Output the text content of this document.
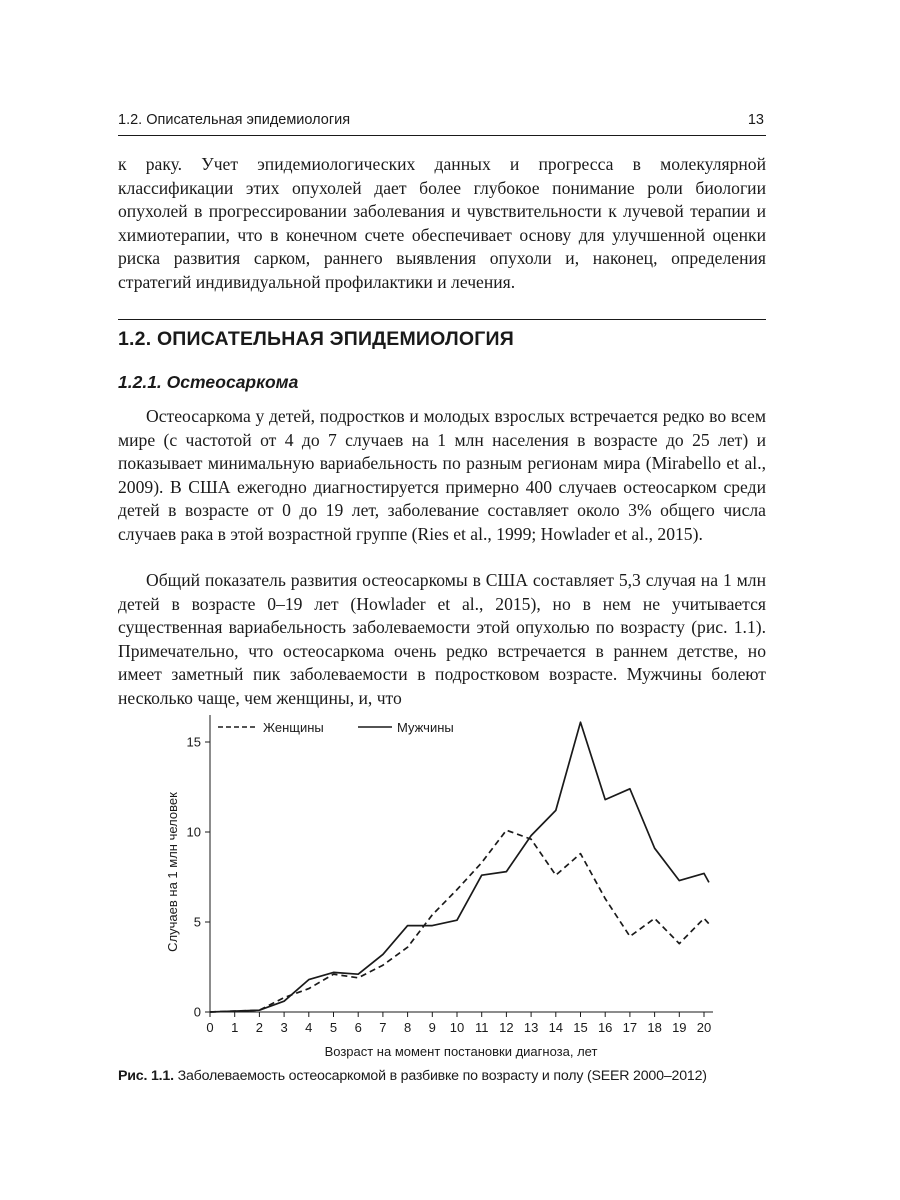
1.2. Описательная эпидемиология	13

к раку. Учет эпидемиологических данных и прогресса в молекулярной классификации этих опухолей дает более глубокое понимание роли биологии опухолей в прогрессировании заболевания и чувствительности к лучевой терапии и химиотерапии, что в конечном счете обеспечивает основу для улучшенной оценки риска развития сарком, раннего выявления опухоли и, наконец, определения стратегий индивидуальной профилактики и лечения.

1.2. ОПИСАТЕЛЬНАЯ ЭПИДЕМИОЛОГИЯ
1.2.1. Остеосаркома

Остеосаркома у детей, подростков и молодых взрослых встречается редко во всем мире (с частотой от 4 до 7 случаев на 1 млн населения в возрасте до 25 лет) и показывает минимальную вариабельность по разным регионам мира (Mirabello et al., 2009). В США ежегодно диагностируется примерно 400 случаев остеосарком среди детей в возрасте от 0 до 19 лет, заболевание составляет около 3% общего числа случаев рака в этой возрастной группе (Ries et al., 1999; Howlader et al., 2015).

Общий показатель развития остеосаркомы в США составляет 5,3 случая на 1 млн детей в возрасте 0–19 лет (Howlader et al., 2015), но в нем не учитывается существенная вариабельность заболеваемости этой опухолью по возрасту (рис. 1.1). Примечательно, что остеосаркома очень редко встречается в раннем детстве, но имеет заметный пик заболеваемости в подростковом возрасте. Мужчины болеют несколько чаще, чем женщины, и, что

0 1 2 3 4 5 6 7 8 9 10 11 12 13 14 15 16 17 18 19 20
0
5
10
15
Женщины	Мужчины
Возраст на момент постановки диагноза, лет
Случаев на 1 млн человек
Рис. 1.1. Заболеваемость остеосаркомой в разбивке по возрасту и полу (SEER 2000–2012)
